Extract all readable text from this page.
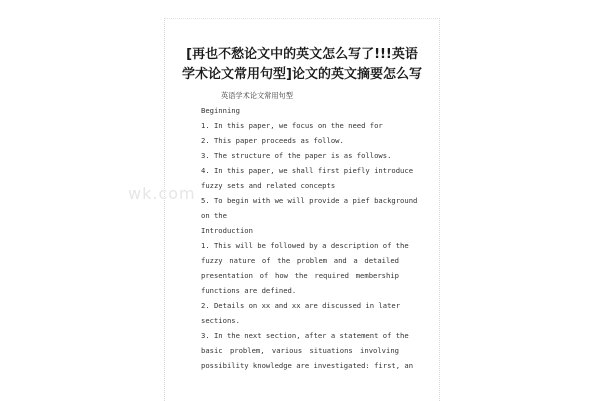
[再也不愁论文中的英文怎么写了!!!英语
学术论文常用句型]论文的英文摘要怎么写
英语学术论文常用句型
Beginning
1. In this paper, we focus on the need for
2. This paper proceeds as follow.
3. The structure of the paper is as follows.
4. In this paper, we shall first piefly introduce
fuzzy sets and related concepts
5. To begin with we will provide a pief background
on the
Introduction
1. This will be followed by a description of the
fuzzy nature of the problem and a detailed
presentation of how the required membership
functions are defined.
2. Details on xx and xx are discussed in later
sections.
3. In the next section, after a statement of the
basic problem, various situations involving
possibility knowledge are investigated: first, an
wk.com
